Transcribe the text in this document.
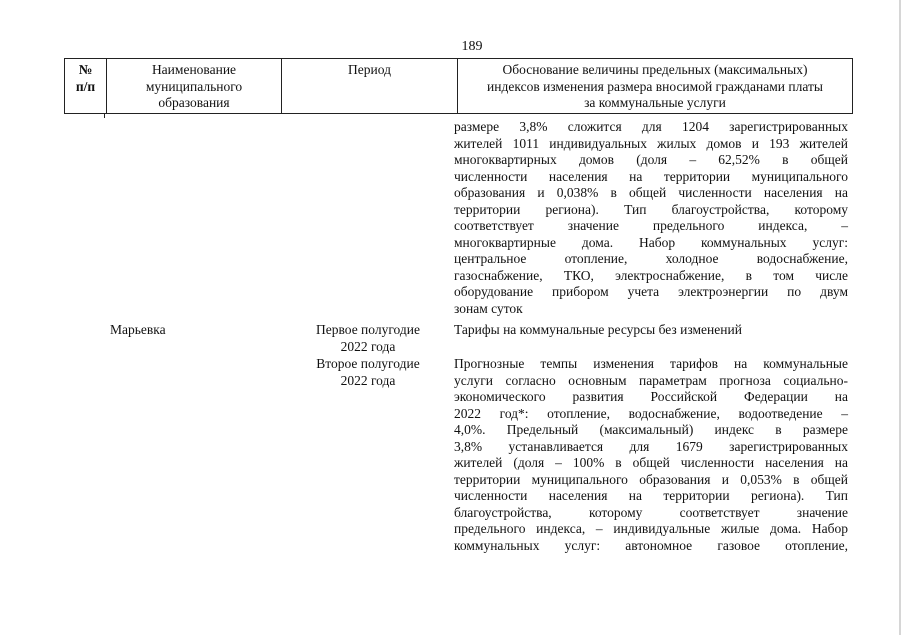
189
№
п/п
Наименование
муниципального
образования
Период	Обоснование величины предельных (максимальных)
индексов изменения размера вносимой гражданами платы
за коммунальные услуги
размере 3,8% сложится для 1204 зарегистрированных
жителей 1011 индивидуальных жилых домов и 193 жителей
многоквартирных домов (доля – 62,52% в общей
численности населения на территории муниципального
образования и 0,038% в общей численности населения на
территории региона). Тип благоустройства, которому
соответствует значение предельного индекса, –
многоквартирные дома. Набор коммунальных услуг:
центральное отопление, холодное водоснабжение,
газоснабжение, ТКО, электроснабжение, в том числе
оборудование прибором учета электроэнергии по двум
зонам суток
Марьевка	Первое полугодие
2022 года
Тарифы на коммунальные ресурсы без изменений
Второе полугодие
2022 года
Прогнозные темпы изменения тарифов на коммунальные
услуги согласно основным параметрам прогноза социально-
экономического развития Российской Федерации на
2022 год*: отопление, водоснабжение, водоотведение –
4,0%. Предельный (максимальный) индекс в размере
3,8% устанавливается для 1679 зарегистрированных
жителей (доля – 100% в общей численности населения на
территории муниципального образования и 0,053% в общей
численности населения на территории региона). Тип
благоустройства, которому соответствует значение
предельного индекса, – индивидуальные жилые дома. Набор
коммунальных услуг: автономное газовое отопление,
